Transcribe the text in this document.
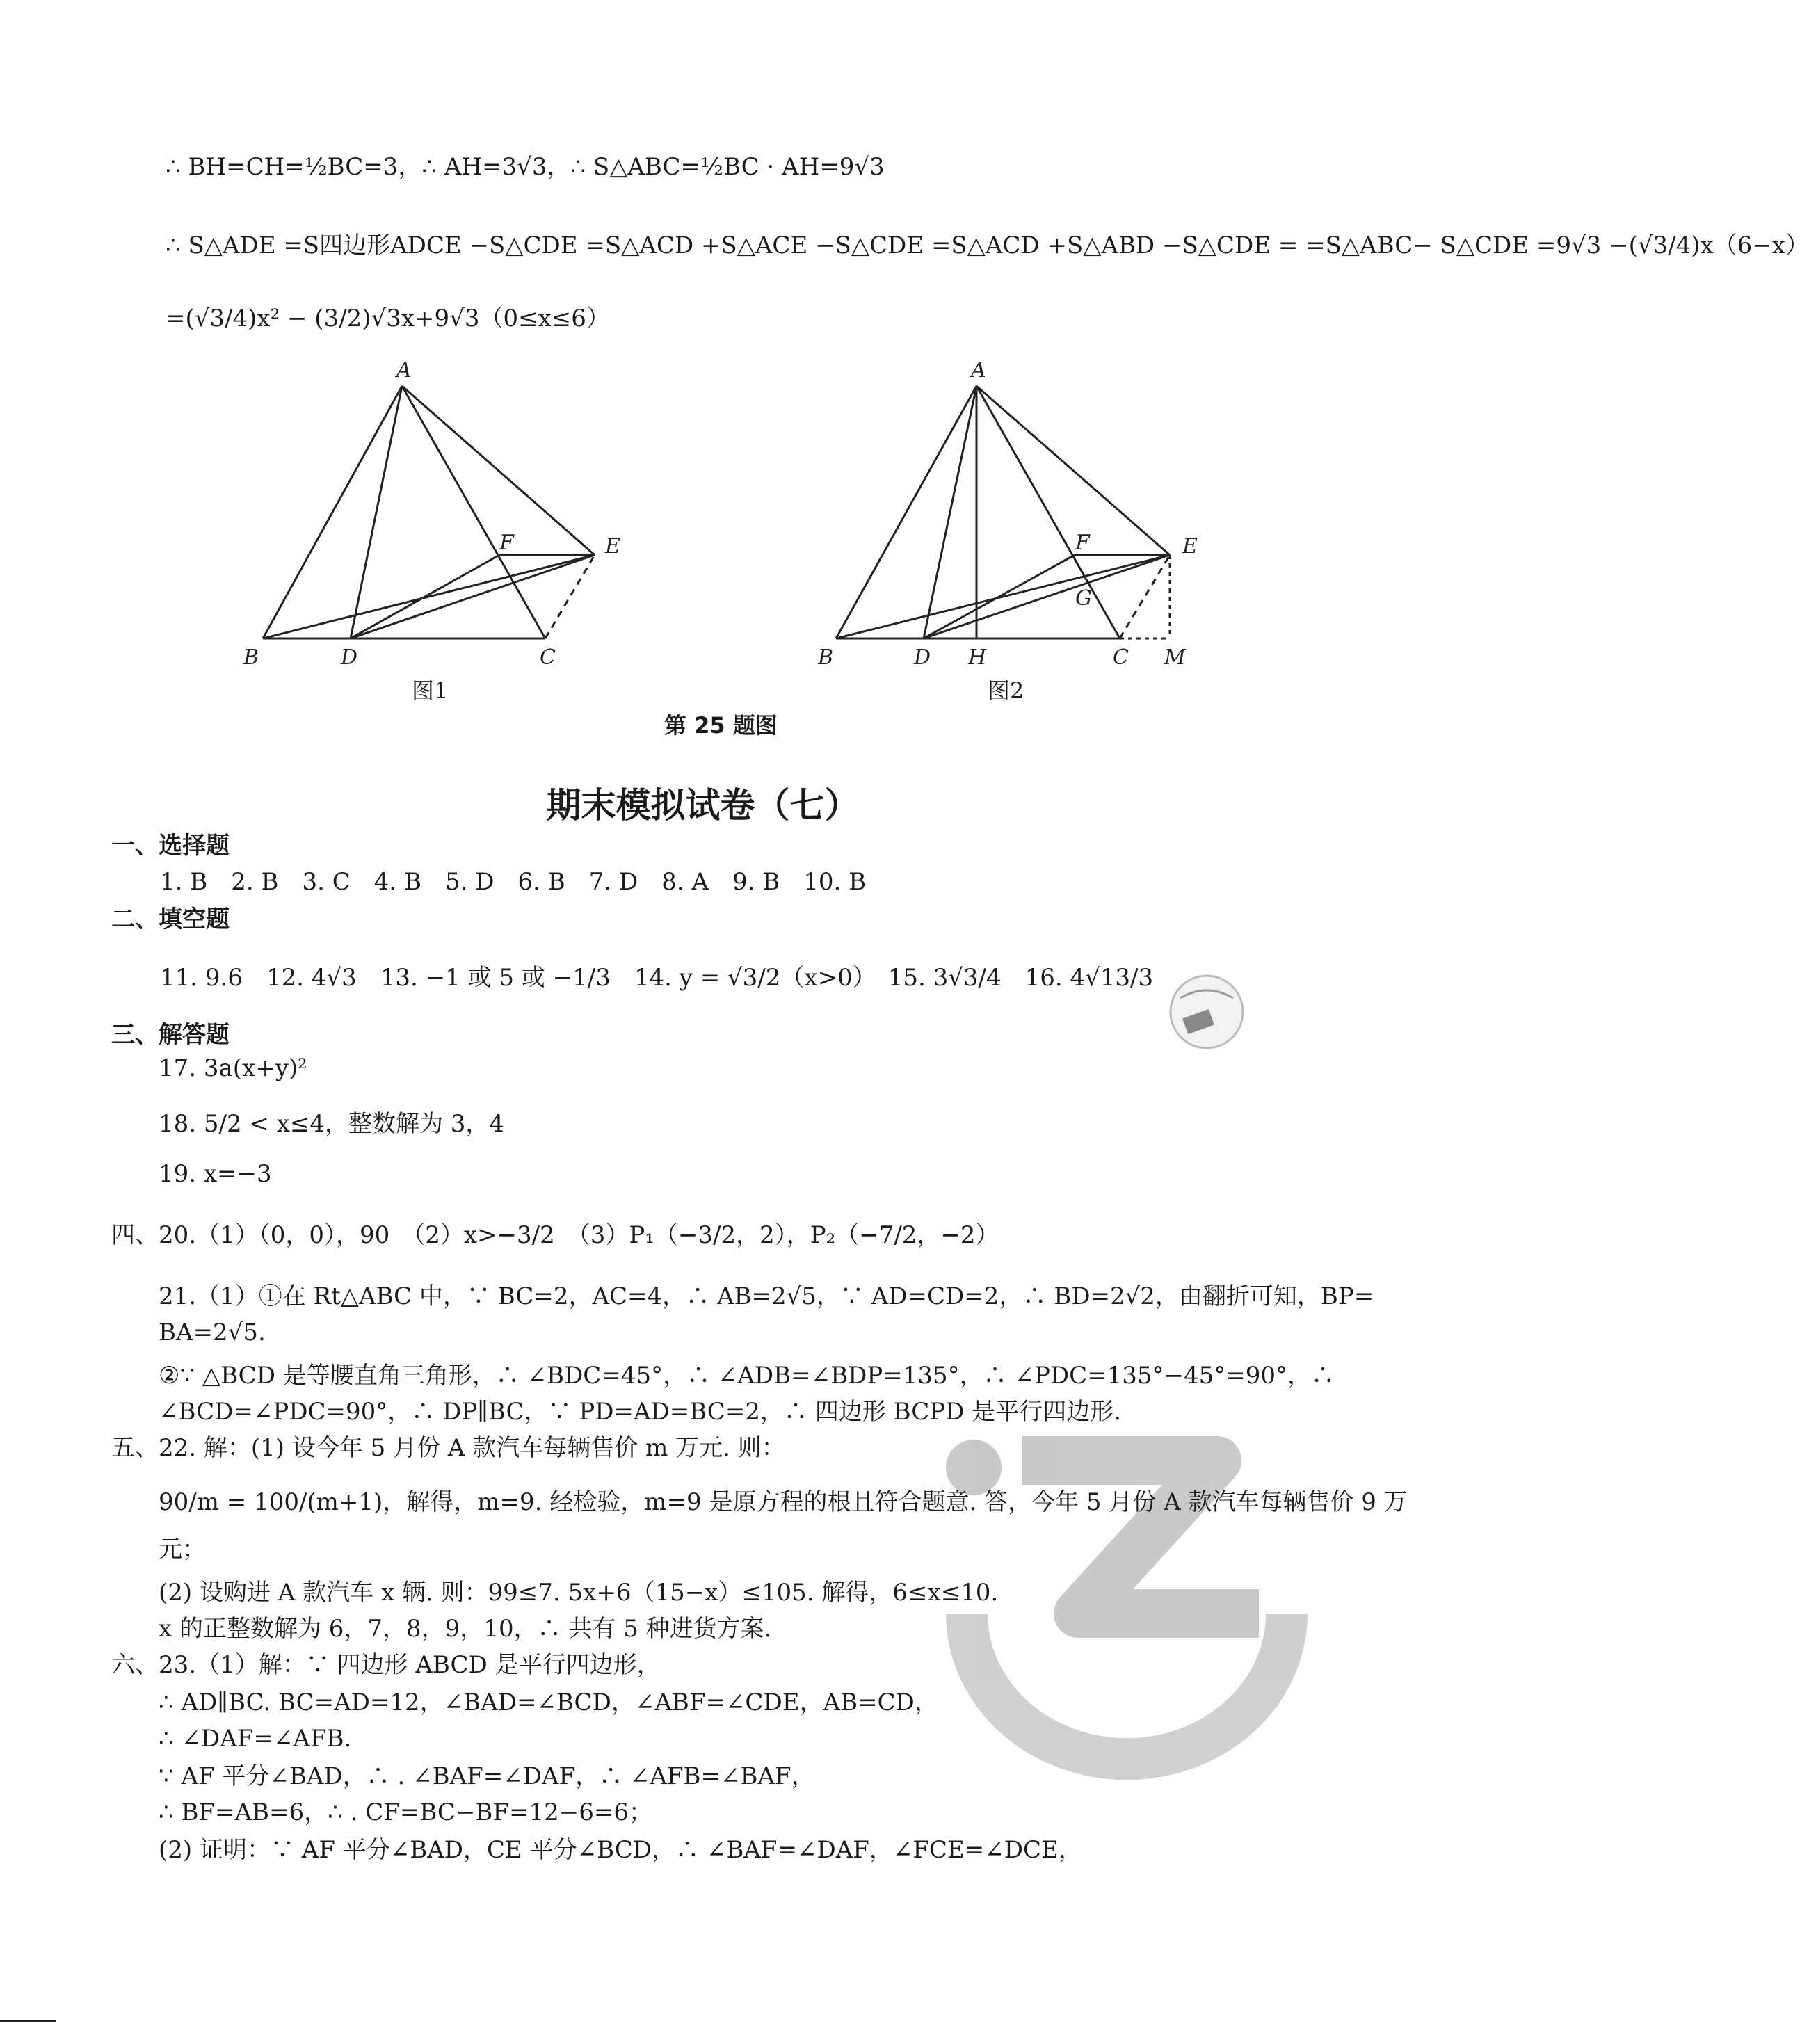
∴ BH=CH=½BC=3，∴ AH=3√3，∴ S△ABC=½BC · AH=9√3
∴ S△ADE =S四边形ADCE −S△CDE =S△ACD +S△ACE −S△CDE =S△ACD +S△ABD −S△CDE = =S△ABC− S△CDE =9√3 −(√3/4)x（6−x）
=(√3/4)x² − (3/2)√3x+9√3（0≤x≤6）
A
B	D	C
F	E
图1
A
B	D H	C M
F
G
E
图2
第 25 题图
期末模拟试卷（七）
一、选择题
1. B　2. B　3. C　4. B　5. D　6. B　7. D　8. A　9. B　10. B
二、填空题
11. 9.6　12. 4√3　13. −1 或 5 或 −1/3　14. y = √3/2（x>0）　15. 3√3/4　16. 4√13/3
三、解答题
17. 3a(x+y)²
18. 5/2 < x≤4，整数解为 3，4
19. x=−3
四、20.（1）（0，0），90　（2）x>−3/2　（3）P₁（−3/2，2），P₂（−7/2，−2）
21.（1）①在 Rt△ABC 中，∵ BC=2，AC=4，∴ AB=2√5，∵ AD=CD=2，∴ BD=2√2，由翻折可知，BP=
BA=2√5.
②∵ △BCD 是等腰直角三角形，∴ ∠BDC=45°，∴ ∠ADB=∠BDP=135°，∴ ∠PDC=135°−45°=90°，∴
∠BCD=∠PDC=90°，∴ DP∥BC，∵ PD=AD=BC=2，∴ 四边形 BCPD 是平行四边形.
五、22. 解：(1) 设今年 5 月份 A 款汽车每辆售价 m 万元. 则：
90/m = 100/(m+1)，解得，m=9. 经检验，m=9 是原方程的根且符合题意. 答，今年 5 月份 A 款汽车每辆售价 9 万
元；
(2) 设购进 A 款汽车 x 辆. 则：99≤7. 5x+6（15−x）≤105. 解得，6≤x≤10.
x 的正整数解为 6，7，8，9，10，∴ 共有 5 种进货方案.
六、23.（1）解：∵ 四边形 ABCD 是平行四边形，
∴ AD∥BC. BC=AD=12，∠BAD=∠BCD，∠ABF=∠CDE，AB=CD，
∴ ∠DAF=∠AFB.
∵ AF 平分∠BAD，∴ . ∠BAF=∠DAF，∴ ∠AFB=∠BAF，
∴ BF=AB=6，∴ . CF=BC−BF=12−6=6；
(2) 证明：∵ AF 平分∠BAD，CE 平分∠BCD，∴ ∠BAF=∠DAF，∠FCE=∠DCE，
